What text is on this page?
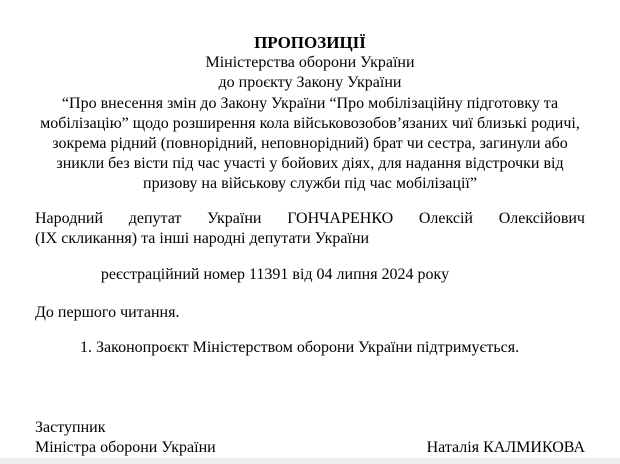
ПРОПОЗИЦІЇ
Міністерства оборони України
до проєкту Закону України
“Про внесення змін до Закону України “Про мобілізаційну підготовку та
мобілізацію” щодо розширення кола військовозобов’язаних чиї близькі родичі,
зокрема рідний (повнорідний, неповнорідний) брат чи сестра, загинули або
зникли без вісти під час участі у бойових діях, для надання відстрочки від
призову на військову служби під час мобілізації”
Народний депутат України ГОНЧАРЕНКО Олексій Олексійович
(IX скликання) та інші народні депутати України
реєстраційний номер 11391 від 04 липня 2024 року
До першого читання.
1. Законопроєкт Міністерством оборони України підтримується.
Заступник
Міністра оборони України	Наталія КАЛМИКОВА
